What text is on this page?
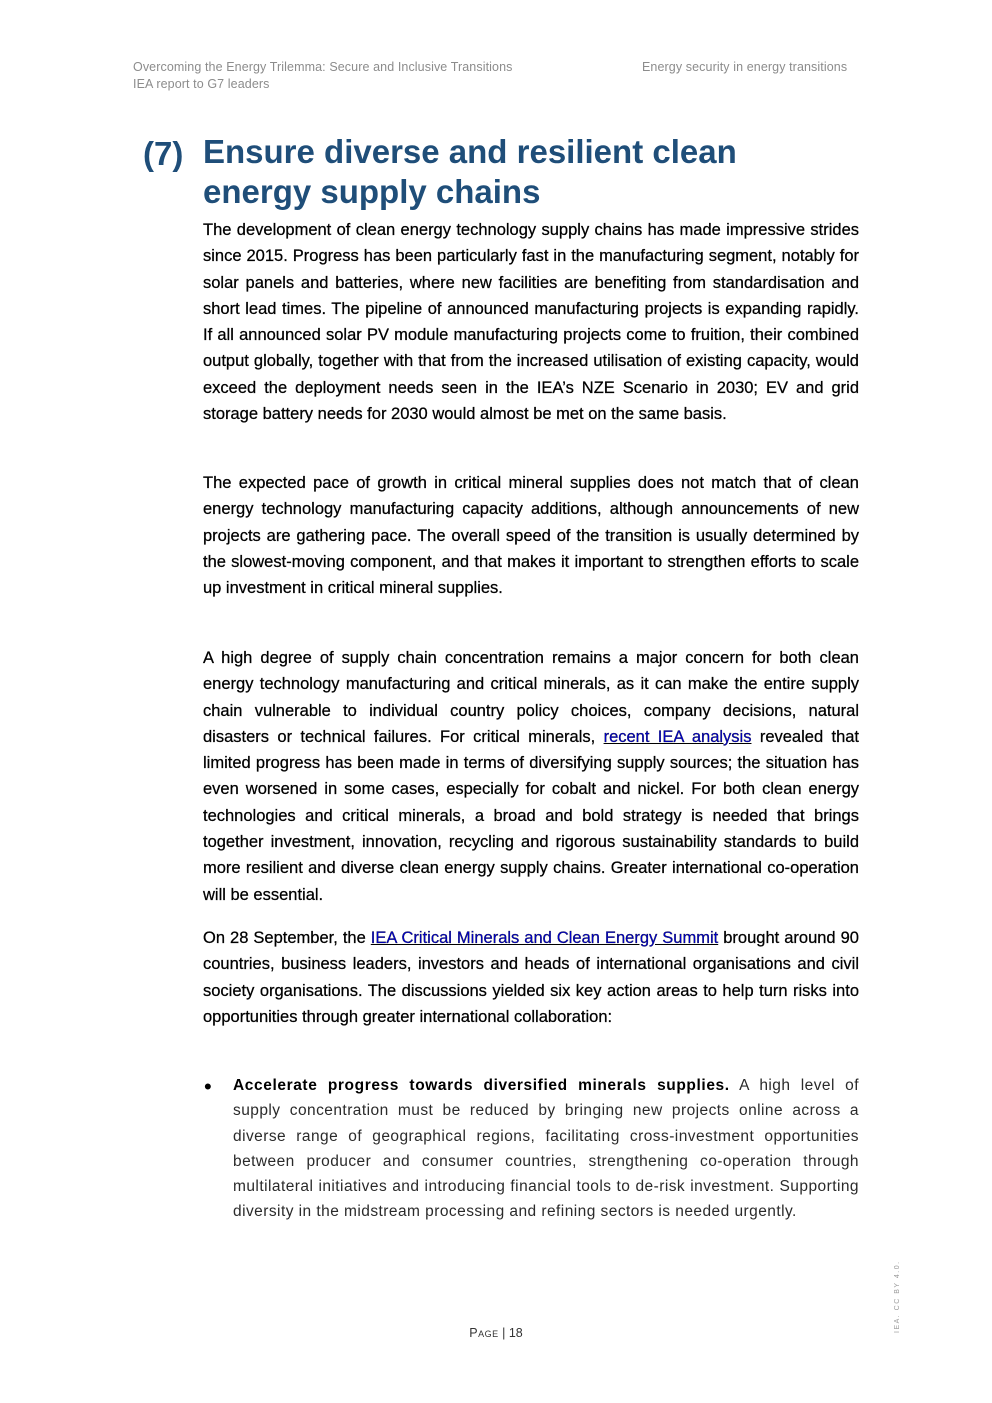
Overcoming the Energy Trilemma: Secure and Inclusive Transitions
IEA report to G7 leaders
Energy security in energy transitions
(7) Ensure diverse and resilient clean
energy supply chains
The development of clean energy technology supply chains has made impressive strides since 2015. Progress has been particularly fast in the manufacturing segment, notably for solar panels and batteries, where new facilities are benefiting from standardisation and short lead times. The pipeline of announced manufacturing projects is expanding rapidly. If all announced solar PV module manufacturing projects come to fruition, their combined output globally, together with that from the increased utilisation of existing capacity, would exceed the deployment needs seen in the IEA’s NZE Scenario in 2030; EV and grid storage battery needs for 2030 would almost be met on the same basis.
The expected pace of growth in critical mineral supplies does not match that of clean energy technology manufacturing capacity additions, although announcements of new projects are gathering pace. The overall speed of the transition is usually determined by the slowest-moving component, and that makes it important to strengthen efforts to scale up investment in critical mineral supplies.
A high degree of supply chain concentration remains a major concern for both clean energy technology manufacturing and critical minerals, as it can make the entire supply chain vulnerable to individual country policy choices, company decisions, natural disasters or technical failures. For critical minerals, recent IEA analysis revealed that limited progress has been made in terms of diversifying supply sources; the situation has even worsened in some cases, especially for cobalt and nickel. For both clean energy technologies and critical minerals, a broad and bold strategy is needed that brings together investment, innovation, recycling and rigorous sustainability standards to build more resilient and diverse clean energy supply chains. Greater international co-operation will be essential.
On 28 September, the IEA Critical Minerals and Clean Energy Summit brought around 90 countries, business leaders, investors and heads of international organisations and civil society organisations. The discussions yielded six key action areas to help turn risks into opportunities through greater international collaboration:
• Accelerate progress towards diversified minerals supplies. A high level of supply concentration must be reduced by bringing new projects online across a diverse range of geographical regions, facilitating cross-investment opportunities between producer and consumer countries, strengthening co-operation through multilateral initiatives and introducing financial tools to de-risk investment. Supporting diversity in the midstream processing and refining sectors is needed urgently.
Page | 18	IEA. CC BY 4.0.
